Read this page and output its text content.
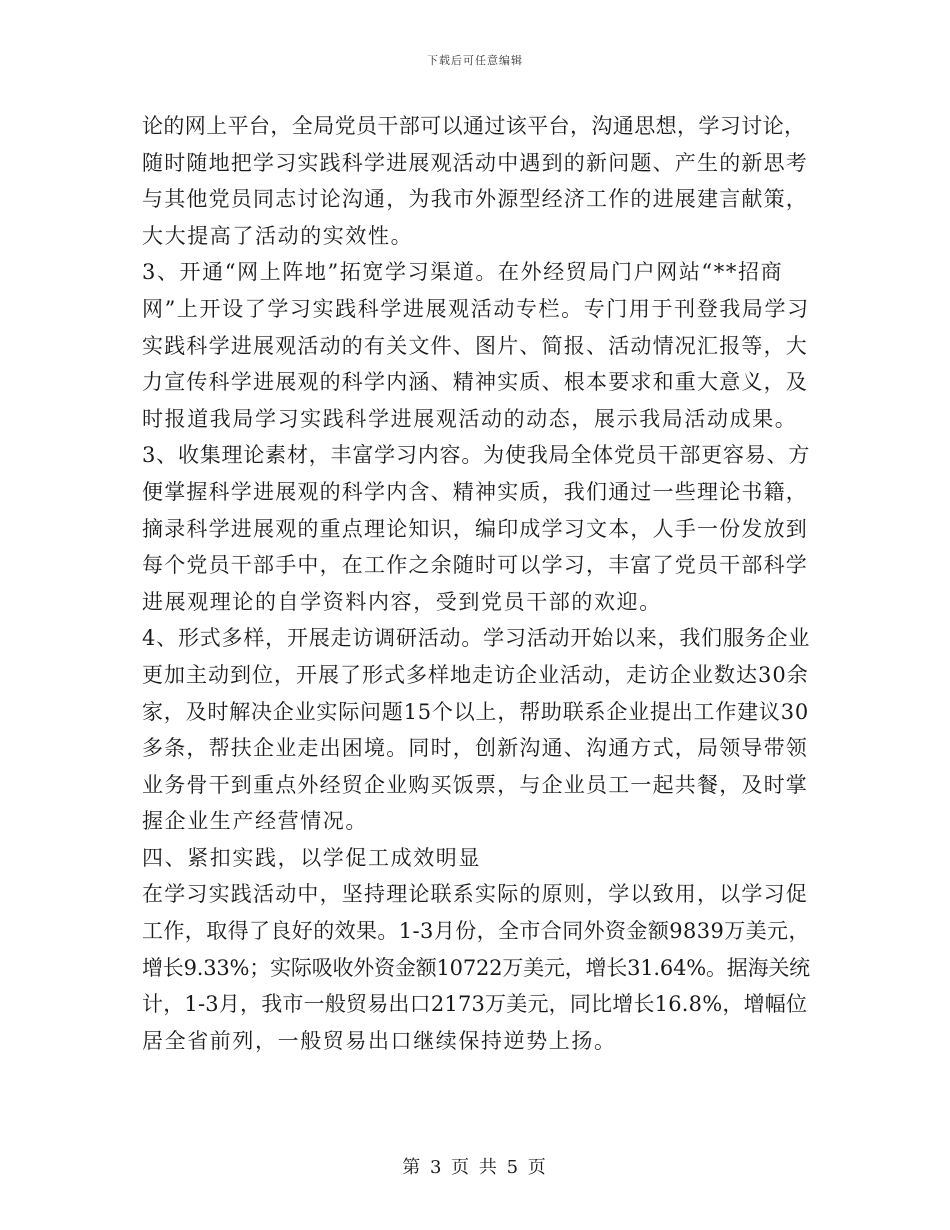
下载后可任意编辑

论的网上平台，全局党员干部可以通过该平台，沟通思想，学习讨论，

随时随地把学习实践科学进展观活动中遇到的新问题、产生的新思考

与其他党员同志讨论沟通，为我市外源型经济工作的进展建言献策，

大大提高了活动的实效性。

3、开通“网上阵地”拓宽学习渠道。在外经贸局门户网站“**招商

网”上开设了学习实践科学进展观活动专栏。专门用于刊登我局学习

实践科学进展观活动的有关文件、图片、简报、活动情况汇报等，大

力宣传科学进展观的科学内涵、精神实质、根本要求和重大意义，及

时报道我局学习实践科学进展观活动的动态，展示我局活动成果。

3、收集理论素材，丰富学习内容。为使我局全体党员干部更容易、方

便掌握科学进展观的科学内含、精神实质，我们通过一些理论书籍，

摘录科学进展观的重点理论知识，编印成学习文本，人手一份发放到

每个党员干部手中，在工作之余随时可以学习，丰富了党员干部科学

进展观理论的自学资料内容，受到党员干部的欢迎。

4、形式多样，开展走访调研活动。学习活动开始以来，我们服务企业

更加主动到位，开展了形式多样地走访企业活动，走访企业数达30余

家，及时解决企业实际问题15个以上，帮助联系企业提出工作建议30

多条，帮扶企业走出困境。同时，创新沟通、沟通方式，局领导带领

业务骨干到重点外经贸企业购买饭票，与企业员工一起共餐，及时掌

握企业生产经营情况。

四、紧扣实践，以学促工成效明显

在学习实践活动中，坚持理论联系实际的原则，学以致用，以学习促

工作，取得了良好的效果。1-3月份，全市合同外资金额9839万美元，

增长9.33%；实际吸收外资金额10722万美元，增长31.64%。据海关统

计，1-3月，我市一般贸易出口2173万美元，同比增长16.8%，增幅位

居全省前列，一般贸易出口继续保持逆势上扬。

第 3 页 共 5 页
